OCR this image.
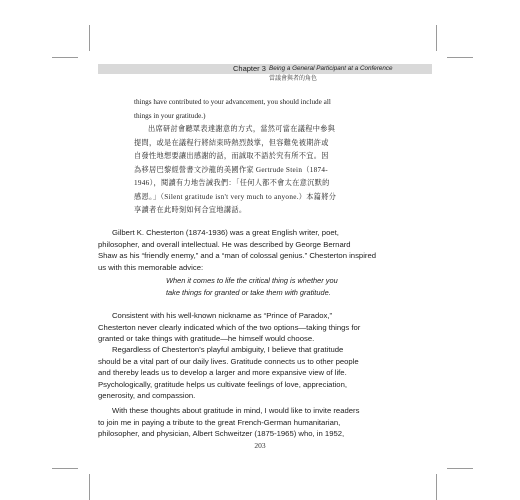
Chapter 3 Being a General Participant at a Conference
當議會與者的角色

things have contributed to your advancement, you should include all

things in your gratitude.)

出席研討會聽眾表達謝意的方式，當然可當在議程中參與

提問，或是在議程行將結束時熱烈鼓掌，但容難免被期許或

自發性地想要讓出感謝的話，而誠取不語於究有所不宜。因

為移居巴黎經營書文沙龍的美國作家 Gertrude Stein（1874-

1946），閱讀有力地告誡我們：「任何人都不會太在意沉默的

感恩。」（Silent gratitude isn't very much to anyone.）本篇將分

享讀者在此時刻如何合宜地講話。

Gilbert K. Chesterton (1874-1936) was a great English writer, poet,

philosopher, and overall intellectual. He was described by George Bernard

Shaw as his “friendly enemy,” and a “man of colossal genius.” Chesterton inspired

us with this memorable advice:

When it comes to life the critical thing is whether you
take things for granted or take them with gratitude.

Consistent with his well-known nickname as “Prince of Paradox,”

Chesterton never clearly indicated which of the two options—taking things for

granted or take things with gratitude—he himself would choose.

Regardless of Chesterton’s playful ambiguity, I believe that gratitude

should be a vital part of our daily lives. Gratitude connects us to other people

and thereby leads us to develop a larger and more expansive view of life.

Psychologically, gratitude helps us cultivate feelings of love, appreciation,

generosity, and compassion.

With these thoughts about gratitude in mind, I would like to invite readers

to join me in paying a tribute to the great French-German humanitarian,

philosopher, and physician, Albert Schweitzer (1875-1965) who, in 1952,

203
